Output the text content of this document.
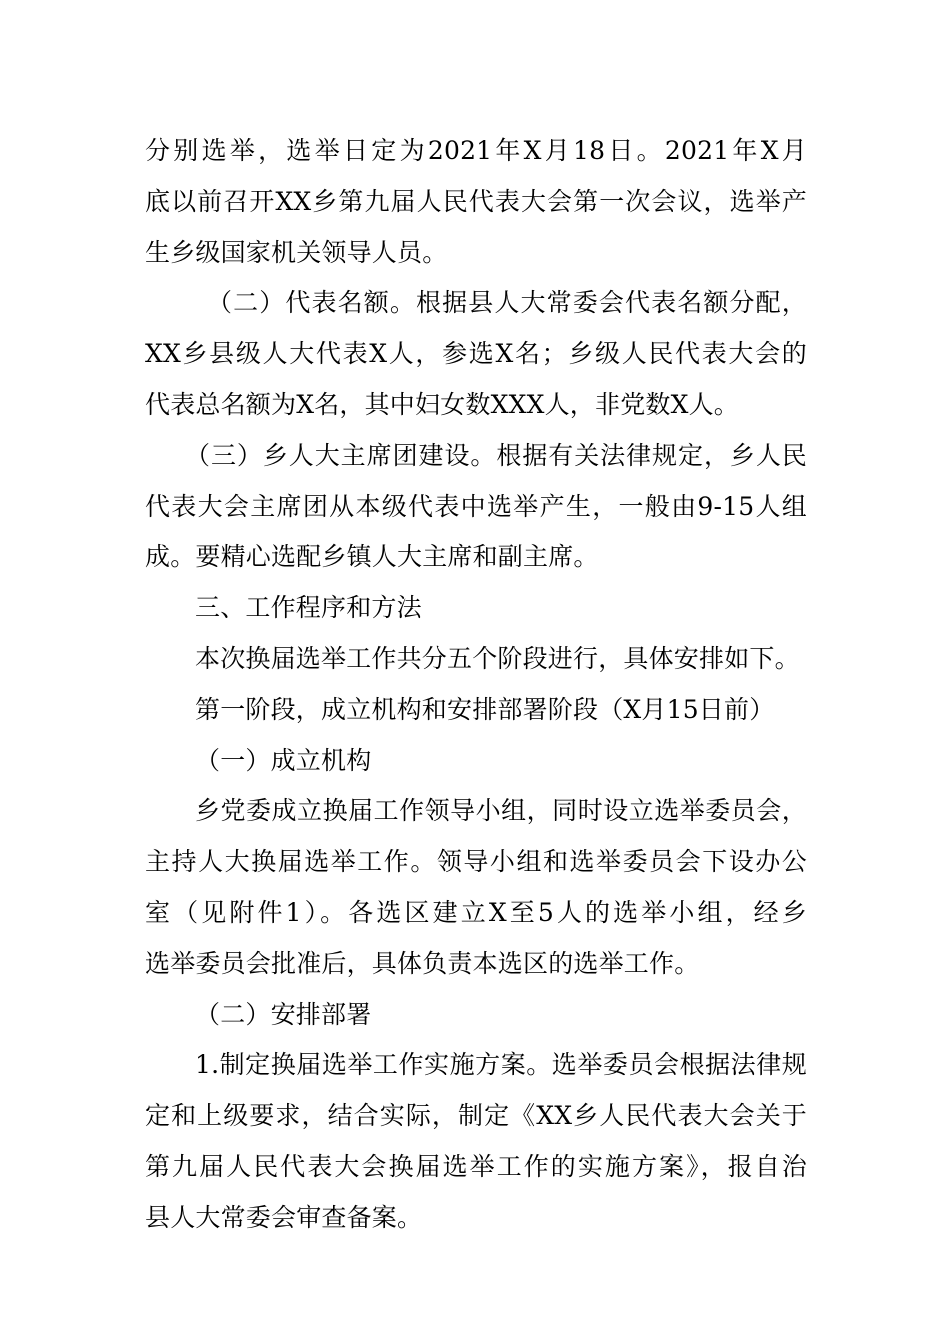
分别选举，选举日定为2021年X月18日。2021年X月
底以前召开XX乡第九届人民代表大会第一次会议，选举产
生乡级国家机关领导人员。
（二）代表名额。根据县人大常委会代表名额分配，
XX乡县级人大代表X人，参选X名；乡级人民代表大会的
代表总名额为X名，其中妇女数XXX人，非党数X人。
（三）乡人大主席团建设。根据有关法律规定，乡人民
代表大会主席团从本级代表中选举产生，一般由9-15人组
成。要精心选配乡镇人大主席和副主席。
三、工作程序和方法
本次换届选举工作共分五个阶段进行，具体安排如下。
第一阶段，成立机构和安排部署阶段（X月15日前）
（一）成立机构
乡党委成立换届工作领导小组，同时设立选举委员会，
主持人大换届选举工作。领导小组和选举委员会下设办公
室（见附件1）。各选区建立X至5人的选举小组，经乡
选举委员会批准后，具体负责本选区的选举工作。
（二）安排部署
1.制定换届选举工作实施方案。选举委员会根据法律规
定和上级要求，结合实际，制定《XX乡人民代表大会关于
第九届人民代表大会换届选举工作的实施方案》，报自治
县人大常委会审查备案。
